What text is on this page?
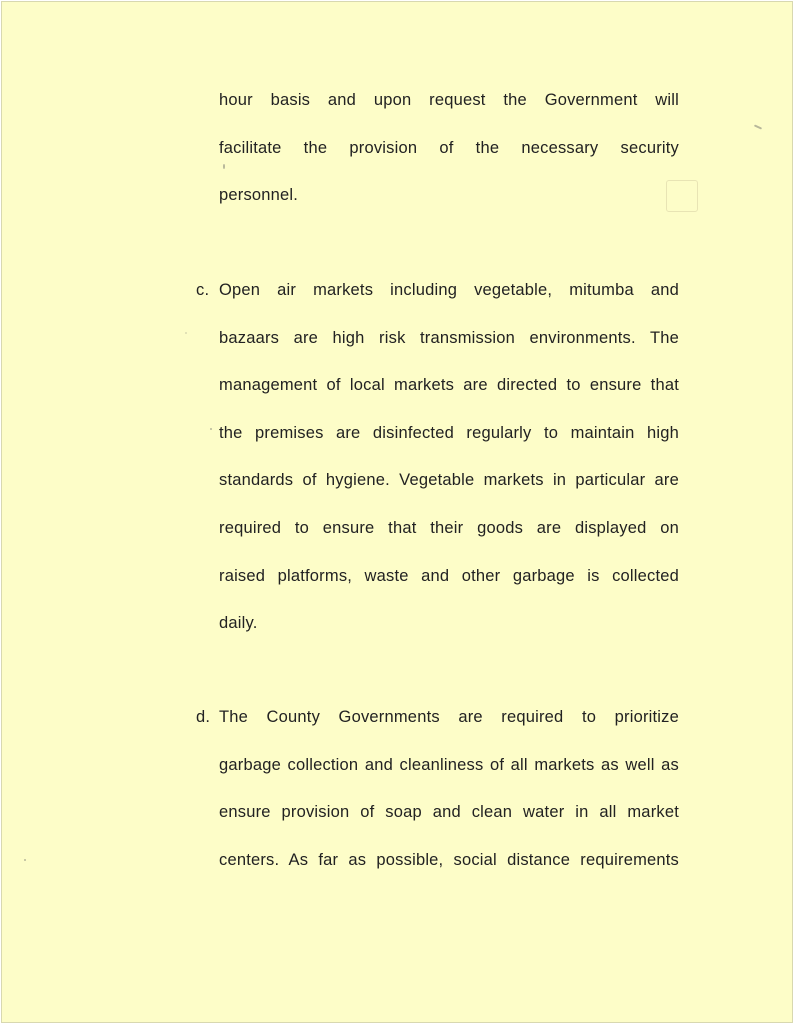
hour basis and upon request the Government will
facilitate the provision of the necessary security
personnel.
c. Open air markets including vegetable, mitumba and
bazaars are high risk transmission environments. The
management of local markets are directed to ensure that
the premises are disinfected regularly to maintain high
standards of hygiene. Vegetable markets in particular are
required to ensure that their goods are displayed on
raised platforms, waste and other garbage is collected
daily.
d. The County Governments are required to prioritize
garbage collection and cleanliness of all markets as well as
ensure provision of soap and clean water in all market
centers. As far as possible, social distance requirements
